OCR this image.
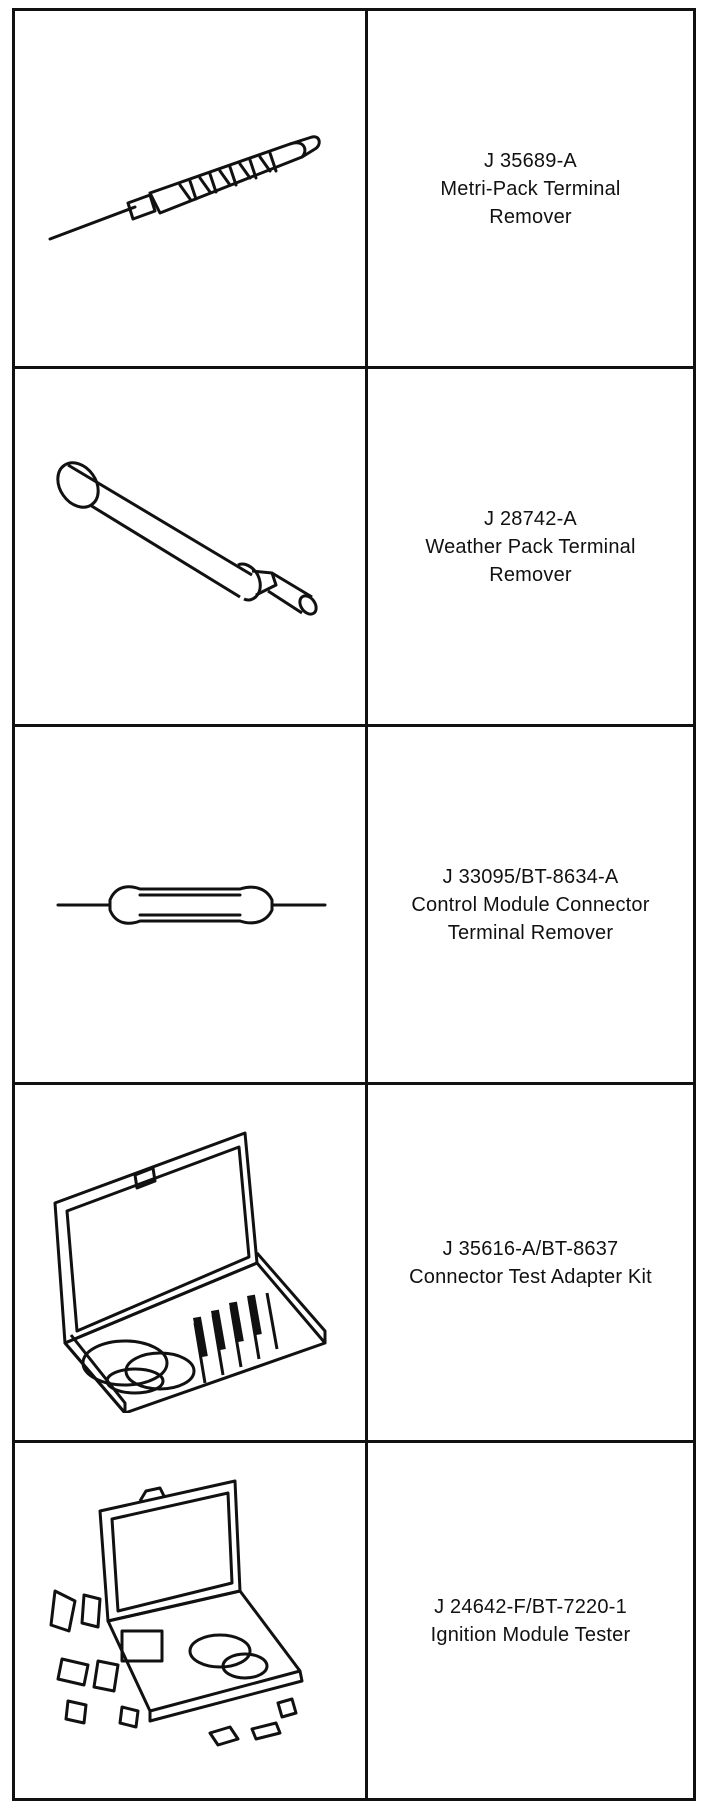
J 35689-A
Metri-Pack Terminal
Remover

J 28742-A
Weather Pack Terminal
Remover

J 33095/BT-8634-A
Control Module Connector
Terminal Remover

J 35616-A/BT-8637
Connector Test Adapter Kit

J 24642-F/BT-7220-1
Ignition Module Tester
